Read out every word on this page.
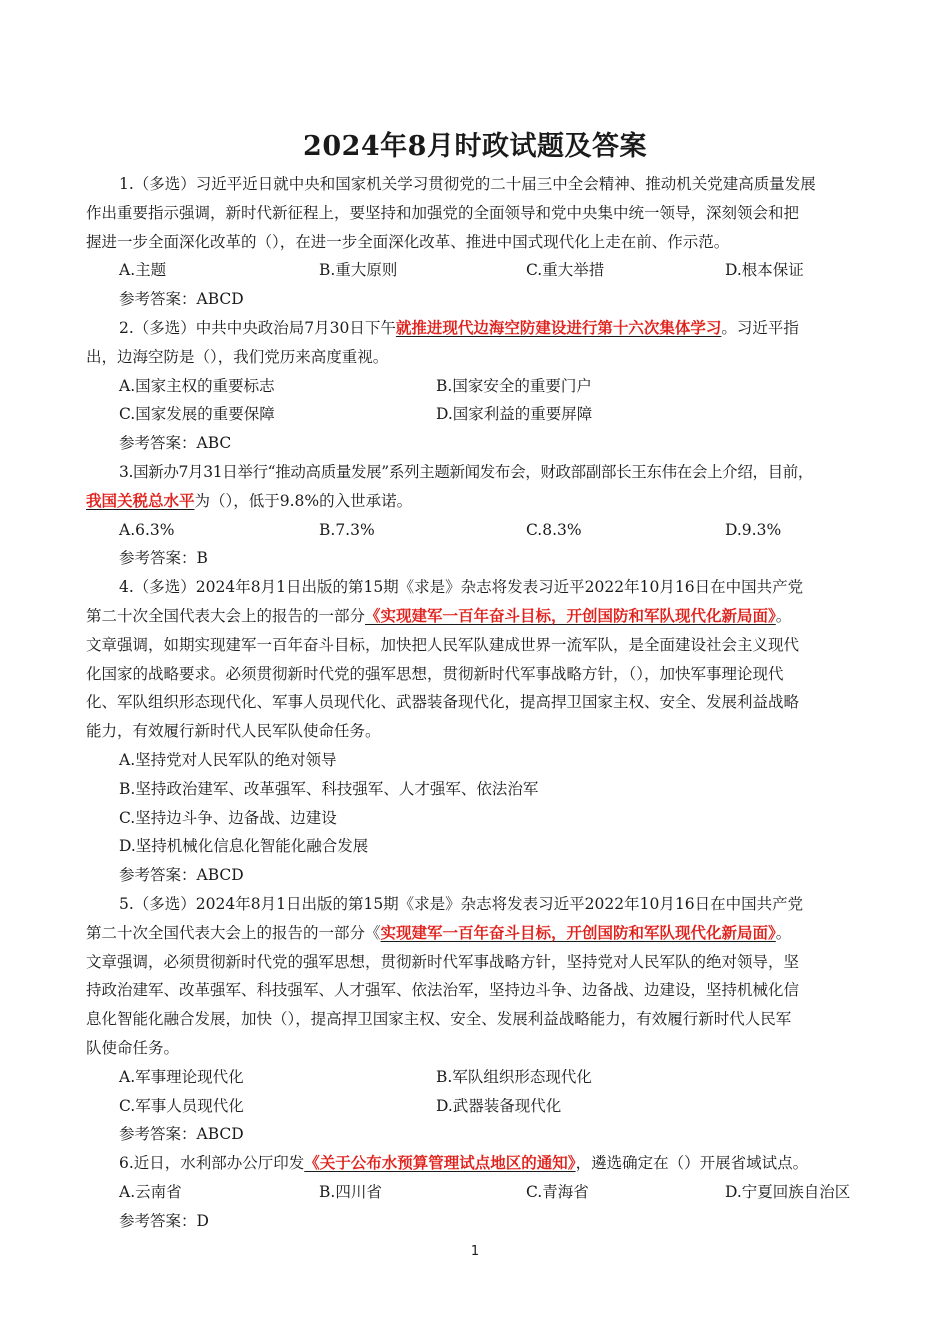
2024年8月时政试题及答案
1.（多选）习近平近日就中央和国家机关学习贯彻党的二十届三中全会精神、推动机关党建高质量发展
作出重要指示强调，新时代新征程上，要坚持和加强党的全面领导和党中央集中统一领导，深刻领会和把
握进一步全面深化改革的（），在进一步全面深化改革、推进中国式现代化上走在前、作示范。
A.主题	B.重大原则	C.重大举措	D.根本保证
参考答案：ABCD
2.（多选）中共中央政治局7月30日下午就推进现代边海空防建设进行第十六次集体学习。习近平指
出，边海空防是（），我们党历来高度重视。
A.国家主权的重要标志	B.国家安全的重要门户
C.国家发展的重要保障	D.国家利益的重要屏障
参考答案：ABC
3.国新办7月31日举行“推动高质量发展”系列主题新闻发布会，财政部副部长王东伟在会上介绍，目前，
我国关税总水平为（），低于9.8%的入世承诺。
A.6.3%	B.7.3%	C.8.3%	D.9.3%
参考答案：B
4.（多选）2024年8月1日出版的第15期《求是》杂志将发表习近平2022年10月16日在中国共产党
第二十次全国代表大会上的报告的一部分《实现建军一百年奋斗目标，开创国防和军队现代化新局面》。
文章强调，如期实现建军一百年奋斗目标，加快把人民军队建成世界一流军队，是全面建设社会主义现代
化国家的战略要求。必须贯彻新时代党的强军思想，贯彻新时代军事战略方针，（），加快军事理论现代
化、军队组织形态现代化、军事人员现代化、武器装备现代化，提高捍卫国家主权、安全、发展利益战略
能力，有效履行新时代人民军队使命任务。
A.坚持党对人民军队的绝对领导
B.坚持政治建军、改革强军、科技强军、人才强军、依法治军
C.坚持边斗争、边备战、边建设
D.坚持机械化信息化智能化融合发展
参考答案：ABCD
5.（多选）2024年8月1日出版的第15期《求是》杂志将发表习近平2022年10月16日在中国共产党
第二十次全国代表大会上的报告的一部分《实现建军一百年奋斗目标，开创国防和军队现代化新局面》。
文章强调，必须贯彻新时代党的强军思想，贯彻新时代军事战略方针，坚持党对人民军队的绝对领导，坚
持政治建军、改革强军、科技强军、人才强军、依法治军，坚持边斗争、边备战、边建设，坚持机械化信
息化智能化融合发展，加快（），提高捍卫国家主权、安全、发展利益战略能力，有效履行新时代人民军
队使命任务。
A.军事理论现代化	B.军队组织形态现代化
C.军事人员现代化	D.武器装备现代化
参考答案：ABCD
6.近日，水利部办公厅印发《关于公布水预算管理试点地区的通知》，遴选确定在（）开展省域试点。
A.云南省	B.四川省	C.青海省	D.宁夏回族自治区
参考答案：D
1
